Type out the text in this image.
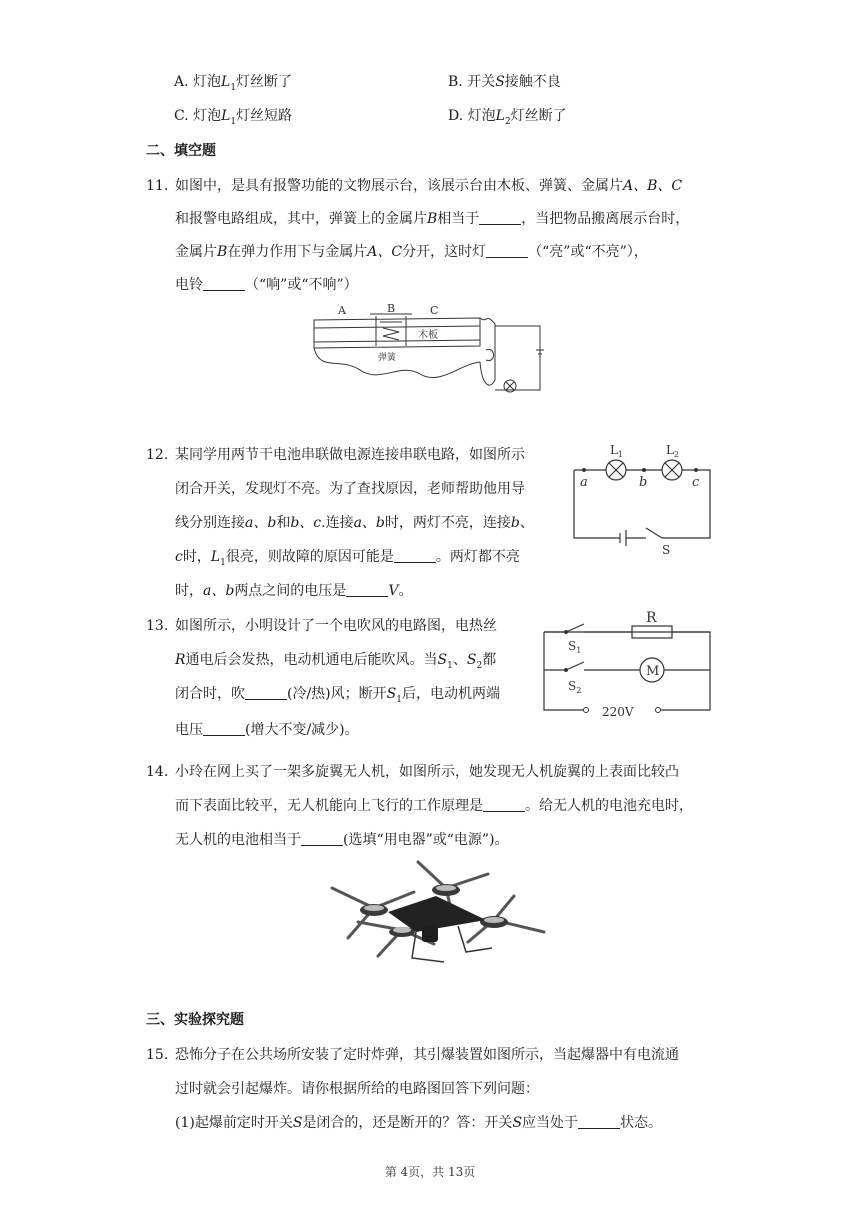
A. 灯泡$L_1$灯丝断了	B. 开关S接触不良
C. 灯泡$L_1$灯丝短路	D. 灯泡$L_2$灯丝断了
二、填空题
11. 如图中，是具有报警功能的文物展示台，该展示台由木板、弹簧、金属片A、B、C
和报警电路组成，其中，弹簧上的金属片B相当于	，当把物品搬离展示台时，
金属片B在弹力作用下与金属片A、C分开，这时灯	（“亮”或“不亮”），
电铃	（“响”或“不响”）
A	B	C
木板
弹簧
12. 某同学用两节干电池串联做电源连接串联电路，如图所示
闭合开关，发现灯不亮。为了查找原因，老师帮助他用导
线分别连接a、b和b、c.连接a、b时，两灯不亮，连接b、
c时，$L_1$很亮，则故障的原因可能是	。两灯都不亮
时，a、b两点之间的电压是	V。
$L_1$	$L_2$
a	b	c
S
13. 如图所示，小明设计了一个电吹风的电路图，电热丝
R通电后会发热，电动机通电后能吹风。当$S_1$、$S_2$都
闭合时，吹	(冷/热)风；断开$S_1$后，电动机两端
电压	(增大不变/减少)。
R
$S_1$
$S_2$
M
220V
14. 小玲在网上买了一架多旋翼无人机，如图所示，她发现无人机旋翼的上表面比较凸
而下表面比较平，无人机能向上飞行的工作原理是	。给无人机的电池充电时，
无人机的电池相当于	(选填“用电器”或“电源”)。
三、实验探究题
15. 恐怖分子在公共场所安装了定时炸弹，其引爆装置如图所示，当起爆器中有电流通
过时就会引起爆炸。请你根据所给的电路图回答下列问题：
(1)起爆前定时开关S是闭合的，还是断开的？答：开关S应当处于	状态。
第 4页，共 13页
